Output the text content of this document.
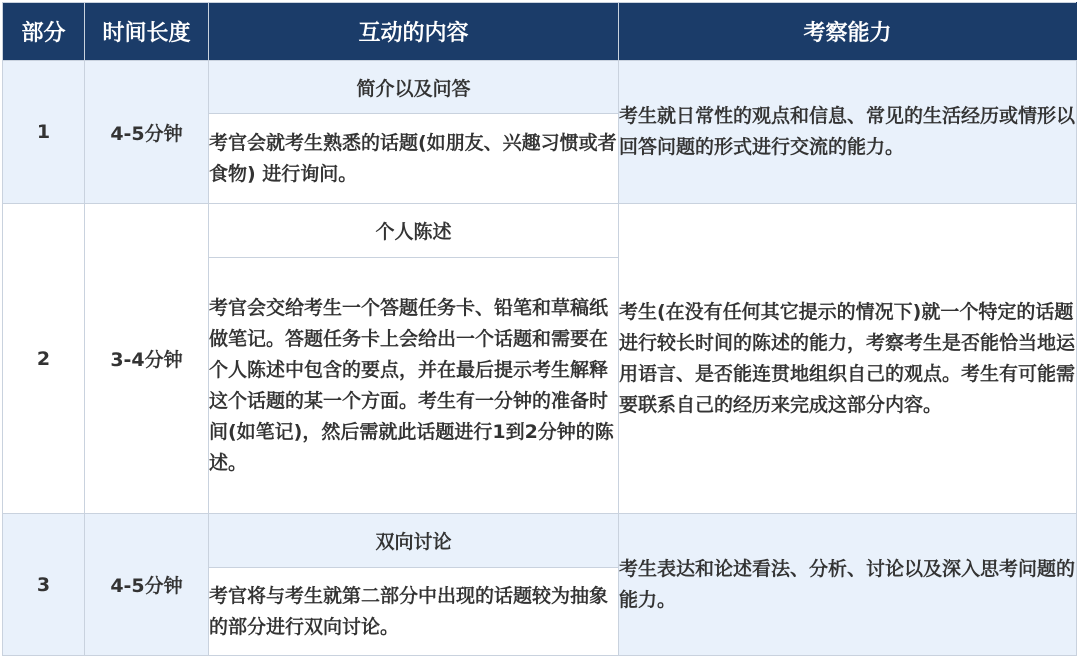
部分	时间长度	互动的内容	考察能力
1	4-5分钟	简介以及问答	考生就日常性的观点和信息、常见的生活经历或情形以回答问题的形式进行交流的能力。

		考官会就考生熟悉的话题(如朋友、兴趣习惯或者食物) 进行询问。	

2	3-4分钟	个人陈述	考生(在没有任何其它提示的情况下)就一个特定的话题进行较长时间的陈述的能力，考察考生是否能恰当地运用语言、是否能连贯地组织自己的观点。考生有可能需要联系自己的经历来完成这部分内容。

		考官会交给考生一个答题任务卡、铅笔和草稿纸做笔记。答题任务卡上会给出一个话题和需要在个人陈述中包含的要点，并在最后提示考生解释这个话题的某一个方面。考生有一分钟的准备时间(如笔记)，然后需就此话题进行1到2分钟的陈述。	

3	4-5分钟	双向讨论	考生表达和论述看法、分析、讨论以及深入思考问题的能力。

		考官将与考生就第二部分中出现的话题较为抽象的部分进行双向讨论。	
